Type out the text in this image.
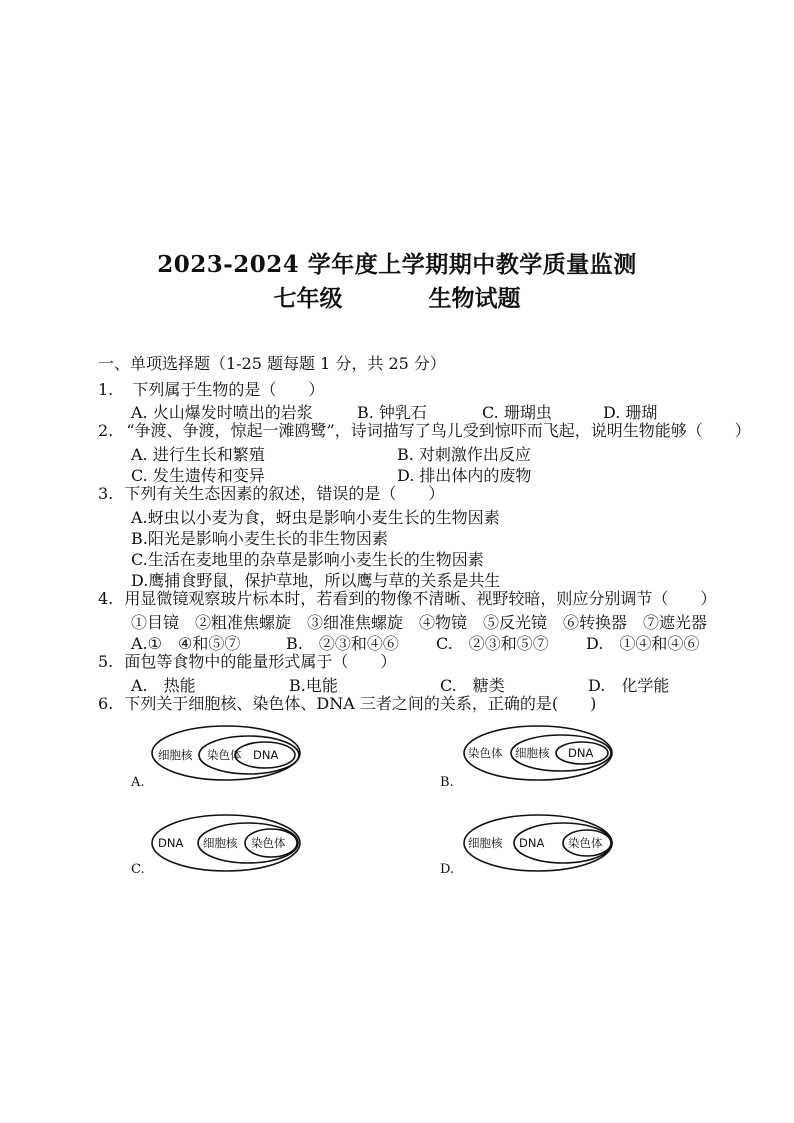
2023-2024 学年度上学期期中教学质量监测
七年级	生物试题
一、单项选择题（1-25 题每题 1 分，共 25 分）
1. 下列属于生物的是（　　）
A. 火山爆发时喷出的岩浆	B. 钟乳石	C. 珊瑚虫	D. 珊瑚
2. “争渡、争渡，惊起一滩鸥鹭”，诗词描写了鸟儿受到惊吓而飞起，说明生物能够（　　）
A. 进行生长和繁殖	B. 对刺激作出反应
C. 发生遗传和变异	D. 排出体内的废物
3. 下列有关生态因素的叙述，错误的是（　　）
A.蚜虫以小麦为食，蚜虫是影响小麦生长的生物因素
B.阳光是影响小麦生长的非生物因素
C.生活在麦地里的杂草是影响小麦生长的生物因素
D.鹰捕食野鼠，保护草地，所以鹰与草的关系是共生
4. 用显微镜观察玻片标本时，若看到的物像不清晰、视野较暗，则应分别调节（　　）
①目镜　②粗准焦螺旋　③细准焦螺旋　④物镜　⑤反光镜　⑥转换器　⑦遮光器
A.①　④和⑤⑦	B.　②③和④⑥ C.　②③和⑤⑦ D.　①④和④⑥
5. 面包等食物中的能量形式属于（　　）
A.　热能	B.电能	C.　糖类	D.　化学能
6. 下列关于细胞核、染色体、DNA 三者之间的关系，正确的是(　　)
细胞核 染色体 DNA
A.
染色体 细胞核 DNA
B.
DNA 细胞核 染色体
C.
细胞核 DNA 染色体
D.
